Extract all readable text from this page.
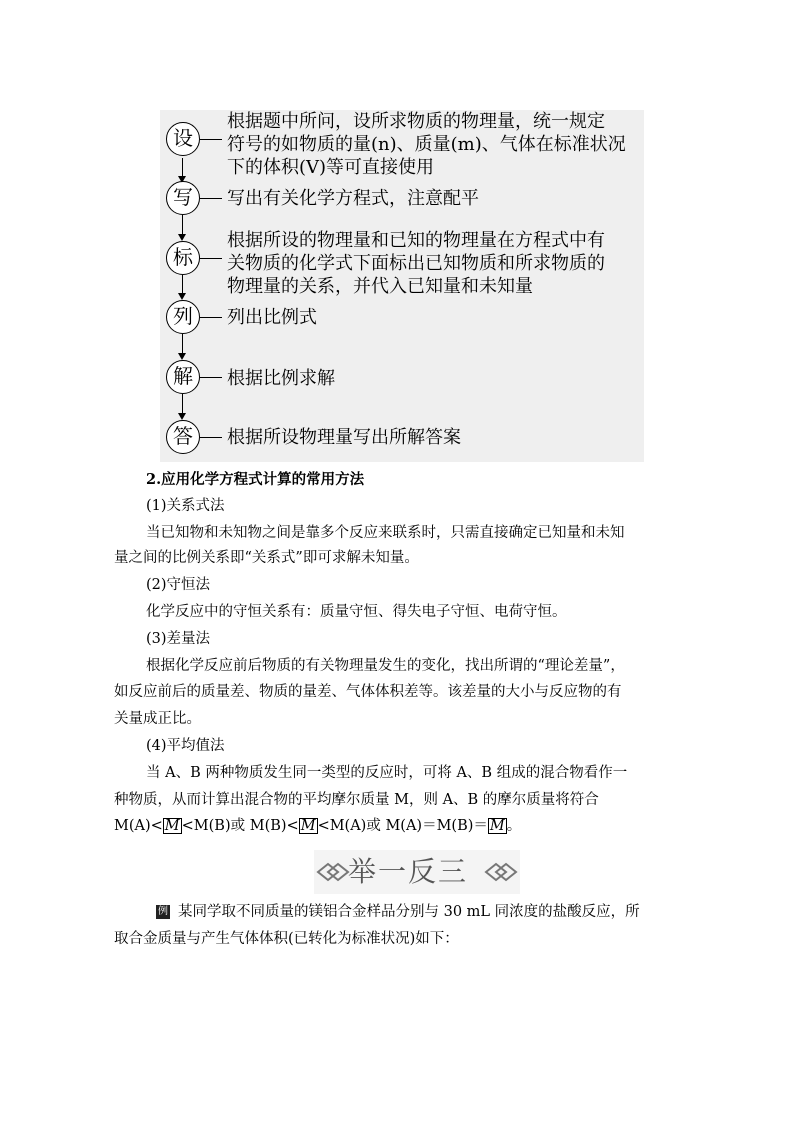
设
写
标
列
解
答
根据题中所问，设所求物质的物理量，统一规定
符号的如物质的量(n)、质量(m)、气体在标准状况
下的体积(V)等可直接使用
写出有关化学方程式，注意配平
根据所设的物理量和已知的物理量在方程式中有
关物质的化学式下面标出已知物质和所求物质的
物理量的关系，并代入已知量和未知量
列出比例式
根据比例求解
根据所设物理量写出所解答案
2.应用化学方程式计算的常用方法
(1)关系式法
当已知物和未知物之间是靠多个反应来联系时，只需直接确定已知量和未知
量之间的比例关系即“关系式”即可求解未知量。
(2)守恒法
化学反应中的守恒关系有：质量守恒、得失电子守恒、电荷守恒。
(3)差量法
根据化学反应前后物质的有关物理量发生的变化，找出所谓的“理论差量”，
如反应前后的质量差、物质的量差、气体体积差等。该差量的大小与反应物的有
关量成正比。
(4)平均值法
当 A、B 两种物质发生同一类型的反应时，可将 A、B 组成的混合物看作一
种物质，从而计算出混合物的平均摩尔质量 M，则 A、B 的摩尔质量将符合
M(A)< M <M(B)或 M(B)< M <M(A)或 M(A)＝M(B)＝ M 。
举一反三
例 某同学取不同质量的镁铝合金样品分别与 30 mL 同浓度的盐酸反应，所
取合金质量与产生气体体积(已转化为标准状况)如下：
